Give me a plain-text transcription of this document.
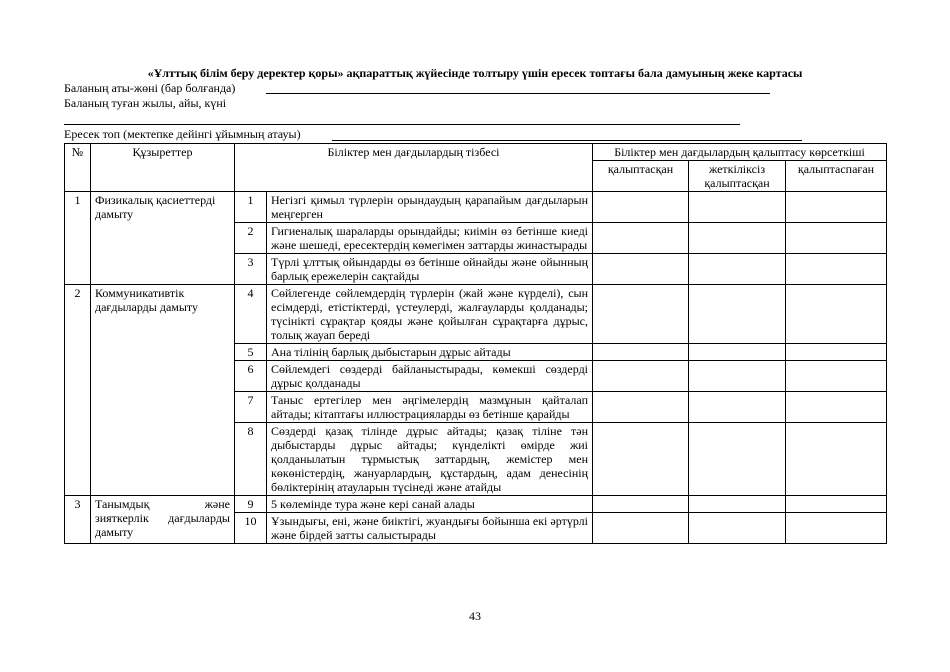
«Ұлттық білім беру деректер қоры» ақпараттық жүйесінде толтыру үшін ересек топтағы бала дамуының жеке картасы
Баланың аты-жөні (бар болғанда)
Баланың туған жылы, айы, күні
Ересек топ (мектепке дейінгі ұйымның атауы)
№	Құзыреттер	Біліктер мен дағдылардың тізбесі		Біліктер мен дағдылардың қалыптасу көрсеткіші		
				қалыптасқан	жеткіліксіз қалыптасқан	қалыптаспаған
1	Физикалық қасиеттерді дамыту	1	Негізгі қимыл түрлерін орындаудың қарапайым дағдыларын меңгерген			
		2	Гигиеналық шараларды орындайды; киімін өз бетінше киеді және шешеді, ересектердің көмегімен заттарды жинастырады			
		3	Түрлі ұлттық ойындарды өз бетінше ойнайды және ойынның барлық ережелерін сақтайды			
2	Коммуникативтік дағдыларды дамыту	4	Сөйлегенде сөйлемдердің түрлерін (жай және күрделі), сын есімдерді, етістіктерді, үстеулерді, жалғауларды қолданады; түсінікті сұрақтар қояды және қойылған сұрақтарға дұрыс, толық жауап береді			
		5	Ана тілінің барлық дыбыстарын дұрыс айтады			
		6	Сөйлемдегі сөздерді байланыстырады, көмекші сөздерді дұрыс қолданады			
		7	Таныс ертегілер мен әңгімелердің мазмұнын қайталап айтады; кітаптағы иллюстрацияларды өз бетінше қарайды			
		8	Сөздерді қазақ тілінде дұрыс айтады; қазақ тіліне тән дыбыстарды дұрыс айтады; күнделікті өмірде жиі қолданылатын тұрмыстық заттардың, жемістер мен көкөністердің, жануарлардың, құстардың, адам денесінің бөліктерінің атауларын түсінеді және атайды			
3	Танымдық және зияткерлік дағдыларды дамыту	9	5 көлемінде тура және кері санай алады			
		10	Ұзындығы, ені, және биіктігі, жуандығы бойынша екі әртүрлі және бірдей затты салыстырады			
43
